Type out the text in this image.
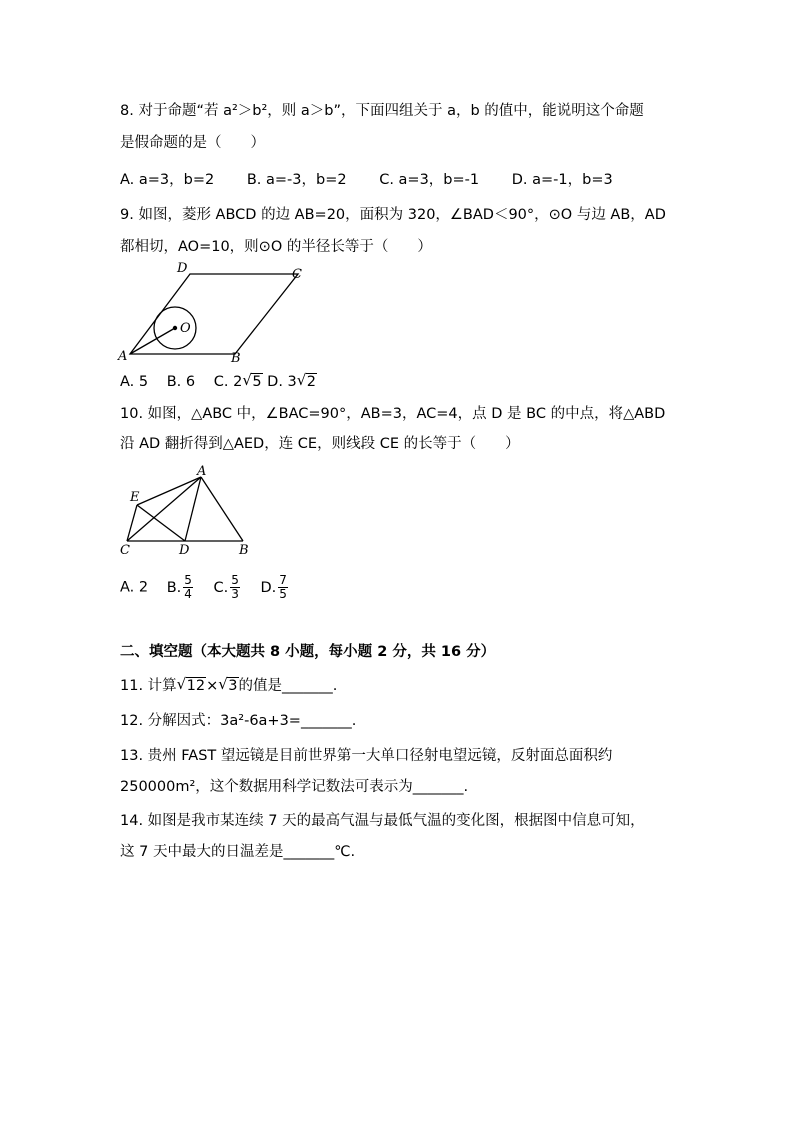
8. 对于命题“若 a²＞b²，则 a＞b”，下面四组关于 a，b 的值中，能说明这个命题
是假命题的是（　　）
A. a=3，b=2 B. a=-3，b=2 C. a=3，b=-1 D. a=-1，b=3
9. 如图，菱形 ABCD 的边 AB=20，面积为 320，∠BAD＜90°，⊙O 与边 AB，AD
都相切，AO=10，则⊙O 的半径长等于（　　）
A	B
C
D
O
A. 5 B. 6 C. 2 √ 5 D. 3 √ 2
10. 如图，△ABC 中，∠BAC=90°，AB=3，AC=4，点 D 是 BC 的中点，将△ABD
沿 AD 翻折得到△AED，连 CE，则线段 CE 的长等于（　　）
A
E
C	D	B
A. 2 B. $\frac{5}{4} C$. $\frac{5}{3} D$. $\frac{7}{5}$
二、填空题（本大题共 8 小题，每小题 2 分，共 16 分）
11. 计算 √ 12× √ 3的值是_______.
12. 分解因式：3a²-6a+3=_______.
13. 贵州 FAST 望远镜是目前世界第一大单口径射电望远镜，反射面总面积约
250000m²，这个数据用科学记数法可表示为_______.
14. 如图是我市某连续 7 天的最高气温与最低气温的变化图，根据图中信息可知，
这 7 天中最大的日温差是_______℃.
